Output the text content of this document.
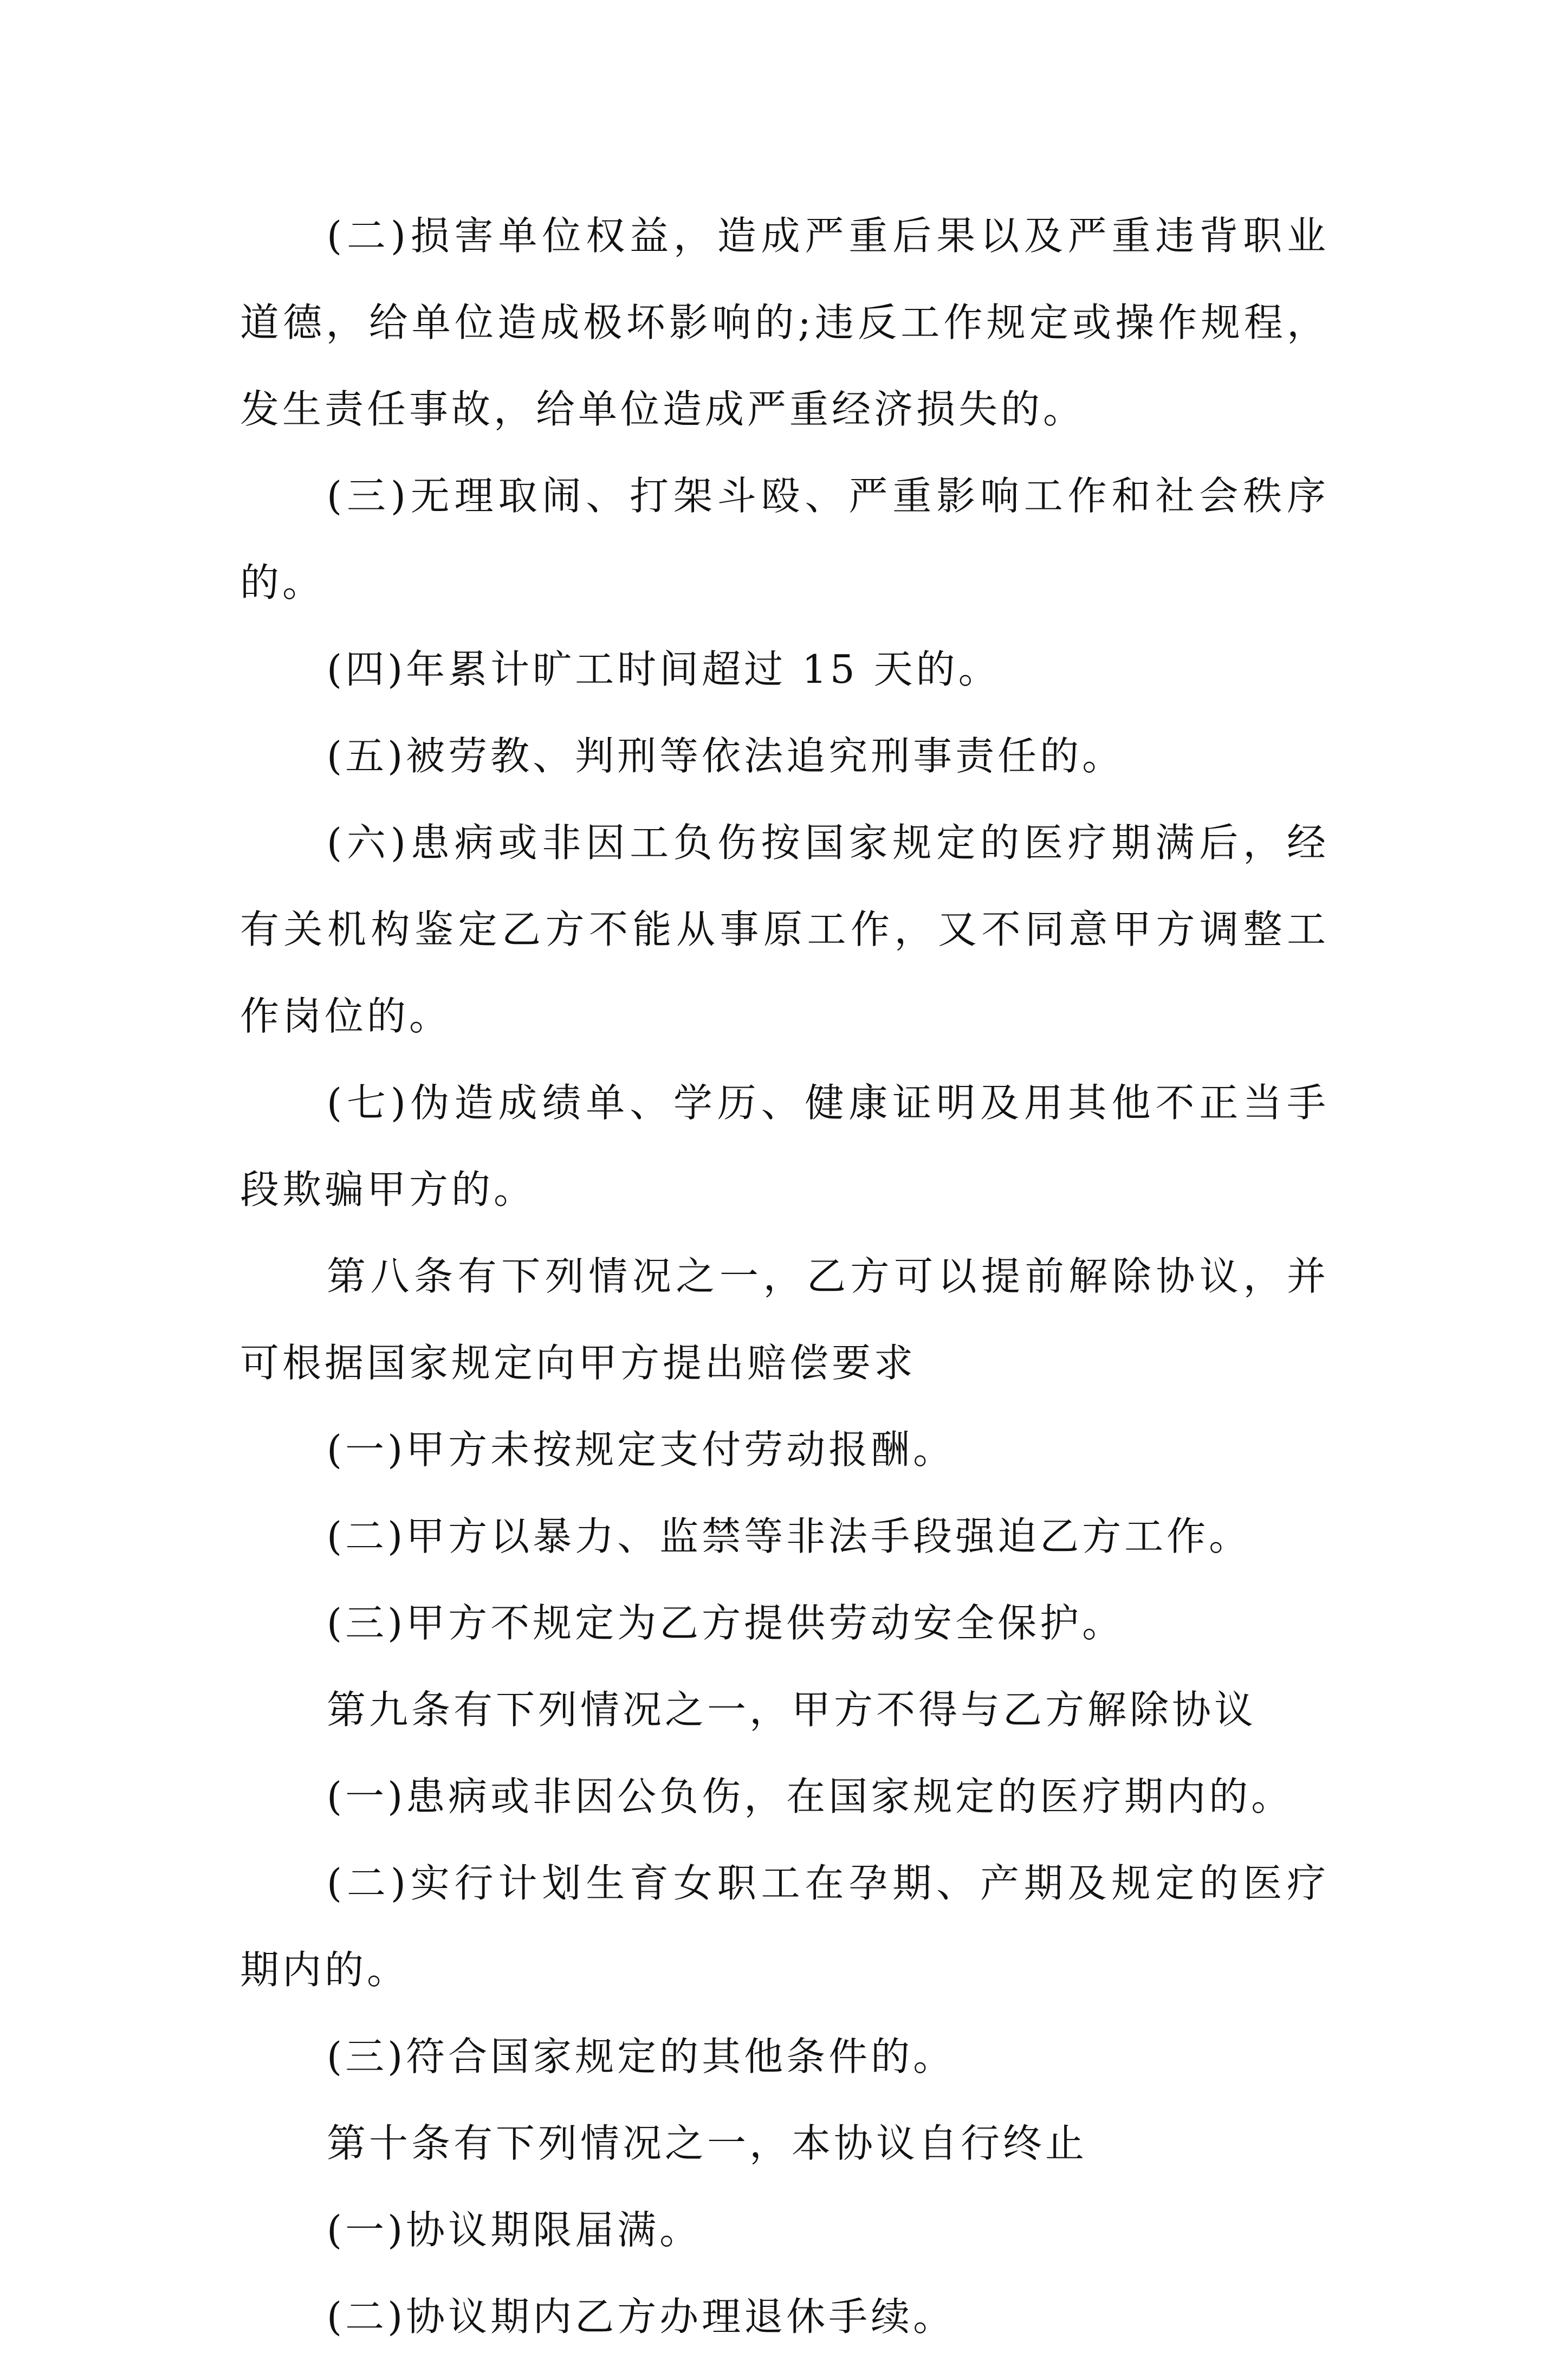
(二)损害单位权益，造成严重后果以及严重违背职业道德，给单位造成极坏影响的;违反工作规定或操作规程，发生责任事故，给单位造成严重经济损失的。

(三)无理取闹、打架斗殴、严重影响工作和社会秩序的。

(四)年累计旷工时间超过 15 天的。

(五)被劳教、判刑等依法追究刑事责任的。

(六)患病或非因工负伤按国家规定的医疗期满后，经有关机构鉴定乙方不能从事原工作，又不同意甲方调整工作岗位的。

(七)伪造成绩单、学历、健康证明及用其他不正当手段欺骗甲方的。

第八条有下列情况之一，乙方可以提前解除协议，并可根据国家规定向甲方提出赔偿要求

(一)甲方未按规定支付劳动报酬。

(二)甲方以暴力、监禁等非法手段强迫乙方工作。

(三)甲方不规定为乙方提供劳动安全保护。

第九条有下列情况之一，甲方不得与乙方解除协议

(一)患病或非因公负伤，在国家规定的医疗期内的。

(二)实行计划生育女职工在孕期、产期及规定的医疗期内的。

(三)符合国家规定的其他条件的。

第十条有下列情况之一，本协议自行终止

(一)协议期限届满。

(二)协议期内乙方办理退休手续。
